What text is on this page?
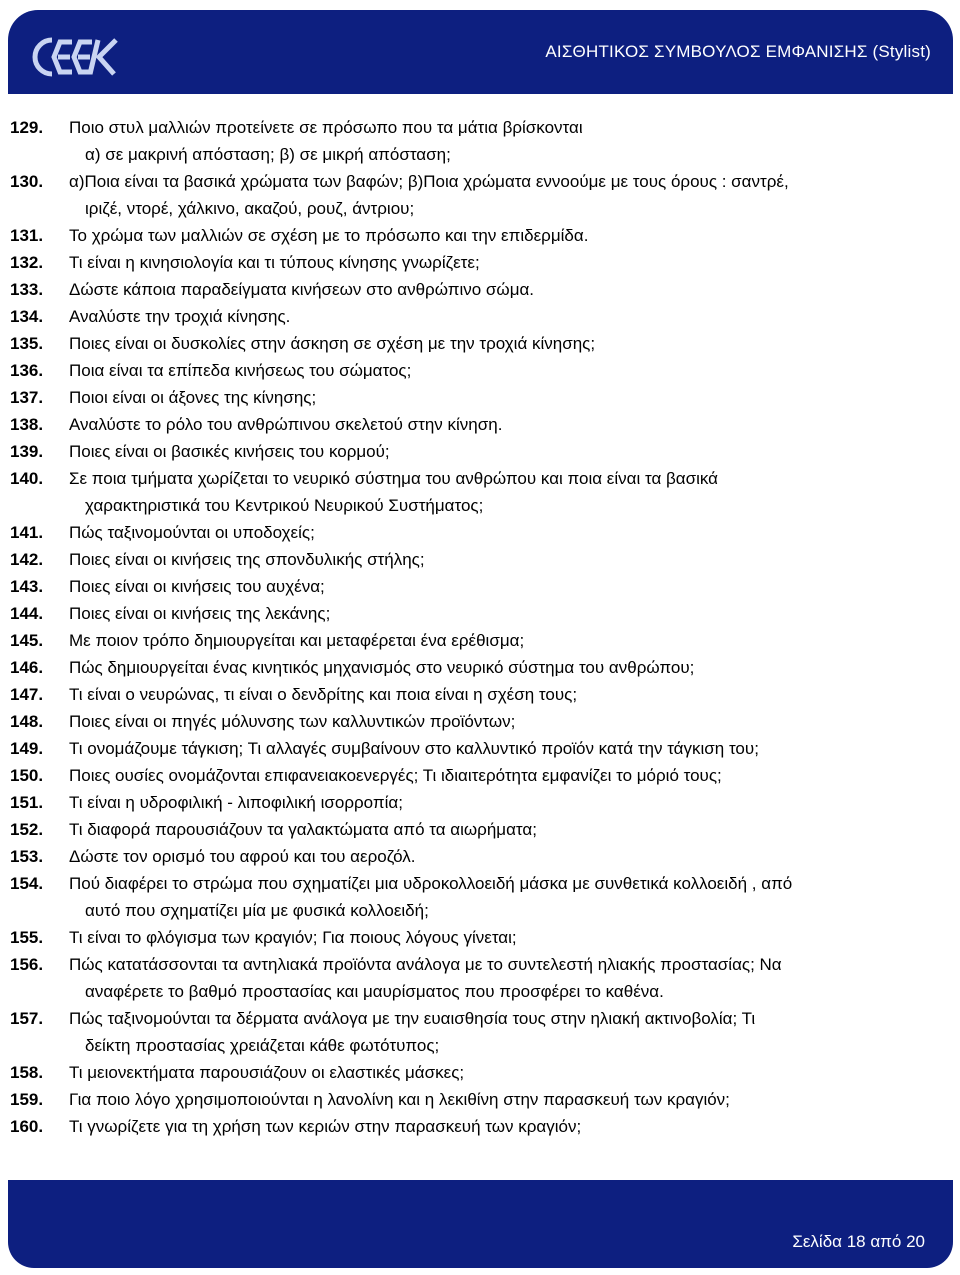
ΑΙΣΘΗΤΙΚΟΣ ΣΥΜΒΟΥΛΟΣ ΕΜΦΑΝΙΣΗΣ (Stylist)
129.	Ποιο στυλ μαλλιών προτείνετε σε πρόσωπο που τα μάτια βρίσκονται
α) σε μακρινή απόσταση; β) σε μικρή απόσταση;
130.	α)Ποια είναι τα βασικά χρώματα των βαφών; β)Ποια χρώματα εννοούμε με τους όρους : σαντρέ,
ιριζέ, ντορέ, χάλκινο, ακαζού, ρουζ, άντριου;
131.	Το χρώμα των μαλλιών σε σχέση με το πρόσωπο και την επιδερμίδα.
132.	Τι είναι η κινησιολογία και τι τύπους κίνησης γνωρίζετε;
133.	Δώστε κάποια παραδείγματα κινήσεων στο ανθρώπινο σώμα.
134.	Αναλύστε την τροχιά κίνησης.
135.	Ποιες είναι οι δυσκολίες στην άσκηση σε σχέση με την τροχιά κίνησης;
136.	Ποια είναι τα επίπεδα κινήσεως του σώματος;
137.	Ποιοι είναι οι άξονες της κίνησης;
138.	Αναλύστε το ρόλο του ανθρώπινου σκελετού στην κίνηση.
139.	Ποιες είναι οι βασικές κινήσεις του κορμού;
140.	Σε ποια τμήματα χωρίζεται το νευρικό σύστημα του ανθρώπου και ποια είναι τα βασικά
χαρακτηριστικά του Κεντρικού Νευρικού Συστήματος;
141.	Πώς ταξινομούνται οι υποδοχείς;
142.	Ποιες είναι οι κινήσεις της σπονδυλικής στήλης;
143.	Ποιες είναι οι κινήσεις του αυχένα;
144.	Ποιες είναι οι κινήσεις της λεκάνης;
145.	Με ποιον τρόπο δημιουργείται και μεταφέρεται ένα ερέθισμα;
146.	Πώς δημιουργείται ένας κινητικός μηχανισμός στο νευρικό σύστημα του ανθρώπου;
147.	Τι είναι ο νευρώνας, τι είναι ο δενδρίτης και ποια είναι η σχέση τους;
148.	Ποιες είναι οι πηγές μόλυνσης των καλλυντικών προϊόντων;
149.	Τι ονομάζουμε τάγκιση; Τι αλλαγές συμβαίνουν στο καλλυντικό προϊόν κατά την τάγκιση του;
150.	Ποιες ουσίες ονομάζονται επιφανειακοενεργές; Τι ιδιαιτερότητα εμφανίζει το μόριό τους;
151.	Τι είναι η υδροφιλική - λιποφιλική ισορροπία;
152.	Τι διαφορά παρουσιάζουν τα γαλακτώματα από τα αιωρήματα;
153.	Δώστε τον ορισμό του αφρού και του αεροζόλ.
154.	Πού διαφέρει το στρώμα που σχηματίζει μια υδροκολλοειδή μάσκα με συνθετικά κολλοειδή , από
αυτό που σχηματίζει μία με φυσικά κολλοειδή;
155.	Τι είναι το φλόγισμα των κραγιόν; Για ποιους λόγους γίνεται;
156.	Πώς κατατάσσονται τα αντηλιακά προϊόντα ανάλογα με το συντελεστή ηλιακής προστασίας; Να
αναφέρετε το βαθμό προστασίας και μαυρίσματος που προσφέρει το καθένα.
157.	Πώς ταξινομούνται τα δέρματα ανάλογα με την ευαισθησία τους στην ηλιακή ακτινοβολία; Τι
δείκτη προστασίας χρειάζεται κάθε φωτότυπος;
158.	Τι μειονεκτήματα παρουσιάζουν οι ελαστικές μάσκες;
159.	Για ποιο λόγο χρησιμοποιούνται η λανολίνη και η λεκιθίνη στην παρασκευή των κραγιόν;
160.	Τι γνωρίζετε για τη χρήση των κεριών στην παρασκευή των κραγιόν;
Σελίδα 18 από 20
